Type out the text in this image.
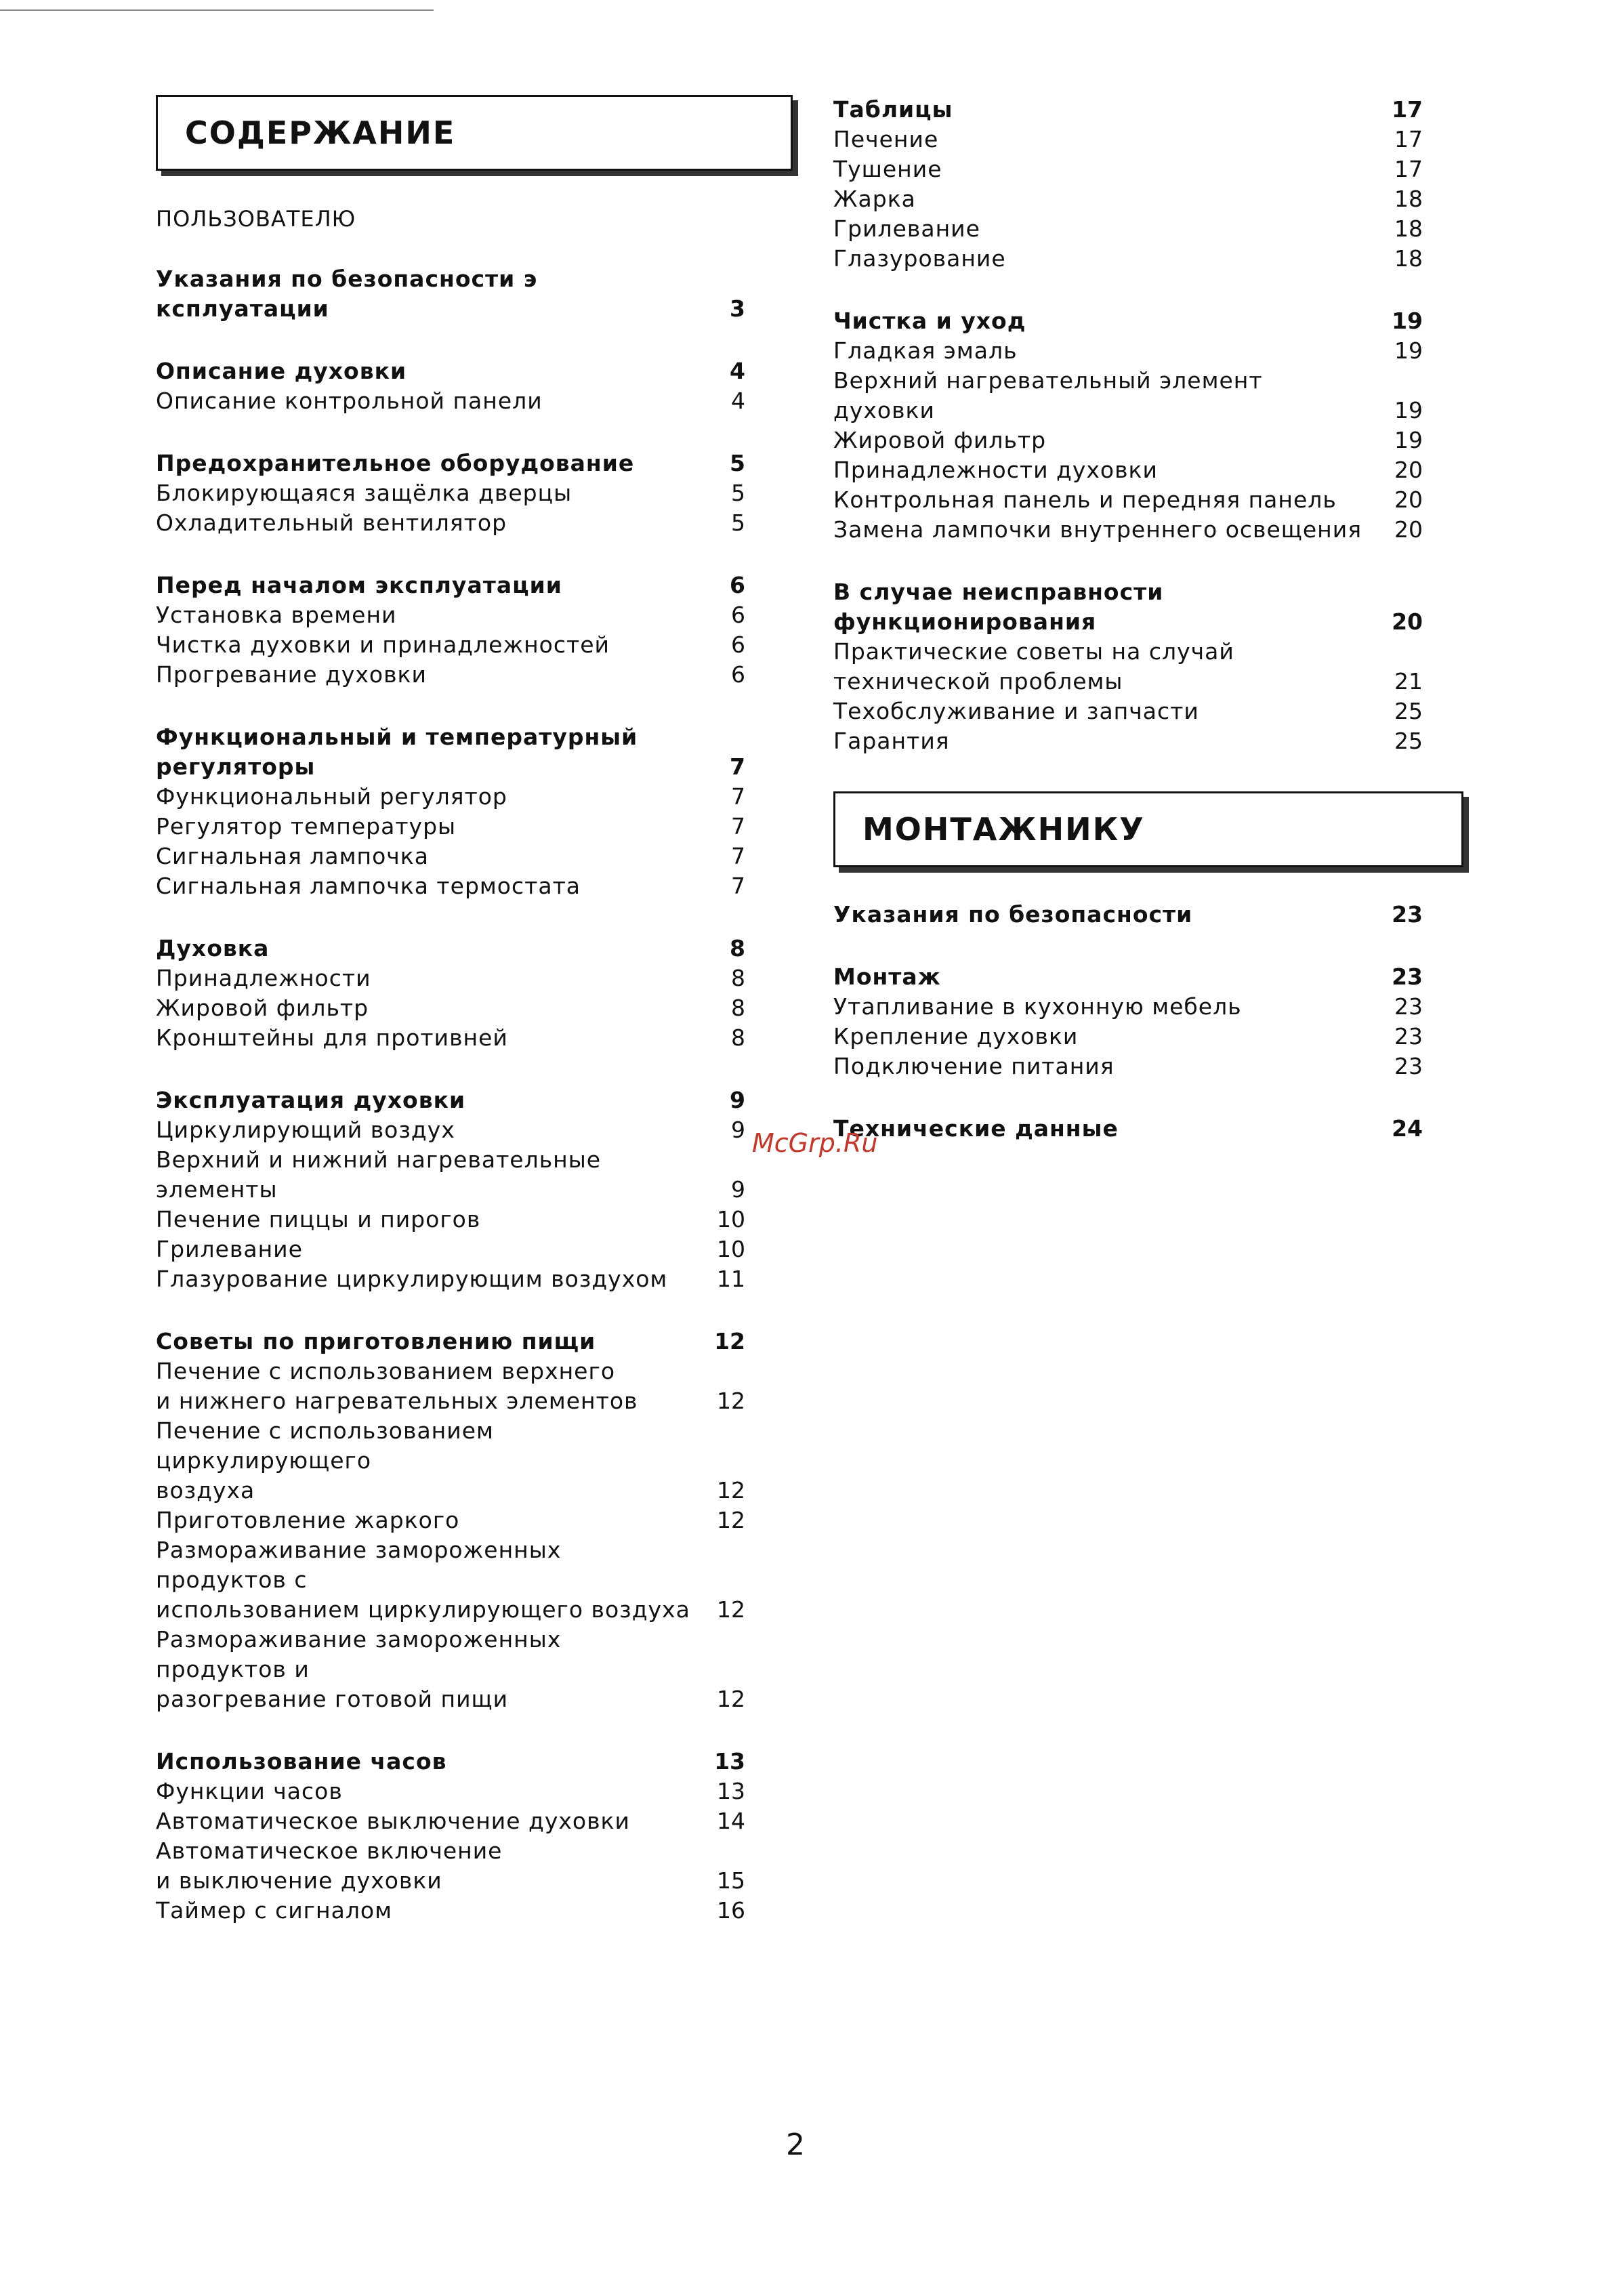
СОДЕРЖАНИЕ
ПОЛЬЗОВАТЕЛЮ
Указания по безопасности э
ксплуатации	3
Описание духовки	4
Описание контрольной панели	4
Предохранительное оборудование	5
Блокирующаяся защёлка дверцы	5
Охладительный вентилятор	5
Перед началом эксплуатации	6
Установка времени	6
Чистка духовки и принадлежностей	6
Прогревание духовки	6
Функциональный и температурный
регуляторы	7
Функциональный регулятор	7
Регулятор температуры	7
Сигнальная лампочка	7
Сигнальная лампочка термостата	7
Духовка	8
Принадлежности	8
Жировой фильтр	8
Кронштейны для противней	8
Эксплуатация духовки	9
Циркулирующий воздух	9
Верхний и нижний нагревательные элементы	9
Печение пиццы и пирогов	10
Грилевание	10
Глазурование циркулирующим воздухом	11
Советы по приготовлению пищи	12
Печение с использованием верхнего
и нижнего нагревательных элементов	12
Печение с использованием циркулирующего
воздуха	12
Приготовление жаркого	12
Размораживание замороженных продуктов с
использованием циркулирующего воздуха	12
Размораживание замороженных продуктов и
разогревание готовой пищи	12
Использование часов	13
Функции часов	13
Автоматическое выключение духовки	14
Автоматическое включение
и выключение духовки	15
Таймер с сигналом	16
Таблицы	17
Печение	17
Тушение	17
Жарка	18
Грилевание	18
Глазурование	18
Чистка и уход	19
Гладкая эмаль	19
Верхний нагревательный элемент духовки	19
Жировой фильтр	19
Принадлежности духовки	20
Контрольная панель и передняя панель	20
Замена лампочки внутреннего освещения	20
В случае неисправности
функционирования	20
Практические советы на случай
технической проблемы	21
Техобслуживание и запчасти	25
Гарантия	25
МОНТАЖНИКУ
Указания по безопасности	23
Монтаж	23
Утапливание в кухонную мебель	23
Крепление духовки	23
Подключение питания	23
Технические данные	24
McGrp.Ru
2
